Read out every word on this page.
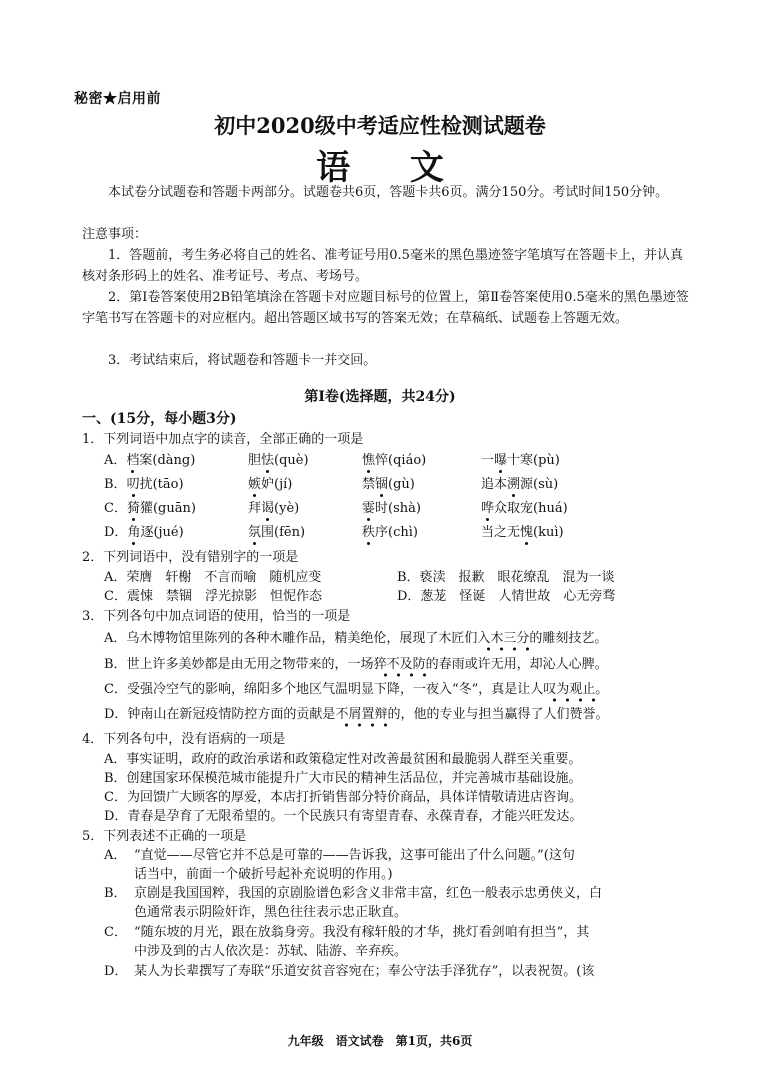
秘密★启用前
初中2020级中考适应性检测试题卷
语 文
本试卷分试题卷和答题卡两部分。试题卷共6页，答题卡共6页。满分150分。考试时间150分钟。
注意事项：
1．答题前，考生务必将自己的姓名、准考证号用0.5毫米的黑色墨迹签字笔填写在答题卡上，并认真核对条形码上的姓名、准考证号、考点、考场号。
2．第Ⅰ卷答案使用2B铅笔填涂在答题卡对应题目标号的位置上，第Ⅱ卷答案使用0.5毫米的黑色墨迹签字笔书写在答题卡的对应框内。超出答题区域书写的答案无效；在草稿纸、试题卷上答题无效。
3．考试结束后，将试题卷和答题卡一并交回。
第Ⅰ卷(选择题，共24分)
一、(15分，每小题3分)
1．下列词语中加点字的读音，全部正确的一项是
A．档案(dàng)	胆怯(què)	憔悴(qiáo)	一曝十寒(pù)
B．叨扰(tāo)	嫉妒(jí)	禁锢(gù)	追本溯源(sù)
C．猗獾(guān)	拜谒(yè)	霎时(shà)	哗众取宠(huá)
D．角逐(jué)	氛围(fēn)	秩序(chì)	当之无愧(kuì)
2．下列词语中，没有错别字的一项是
A．荣膺　轩榭　不言而喻　随机应变	B．亵渎　报歉　眼花缭乱　混为一谈
C．震悚　禁锢　浮光掠影　怛怩作态	D．葱茏　怪诞　人情世故　心无旁骛
3．下列各句中加点词语的使用，恰当的一项是
A．乌木博物馆里陈列的各种木雕作品，精美绝伦，展现了木匠们入木三分的雕刻技艺。
B．世上许多美妙都是由无用之物带来的，一场猝不及防的春雨或许无用，却沁人心脾。
C．受强冷空气的影响，绵阳多个地区气温明显下降，一夜入“冬”，真是让人叹为观止。
D．钟南山在新冠疫情防控方面的贡献是不屑置辩的，他的专业与担当赢得了人们赞誉。
4．下列各句中，没有语病的一项是
A．事实证明，政府的政治承诺和政策稳定性对改善最贫困和最脆弱人群至关重要。
B．创建国家环保模范城市能提升广大市民的精神生活品位，并完善城市基础设施。
C．为回馈广大顾客的厚爱，本店打折销售部分特价商品，具体详情敬请进店咨询。
D．青春是孕育了无限希望的。一个民族只有寄望青春、永葆青春，才能兴旺发达。
5．下列表述不正确的一项是
A． “直觉——尽管它并不总是可靠的——告诉我，这事可能出了什么问题。”(这句
话当中，前面一个破折号起补充说明的作用。)
B． 京剧是我国国粹，我国的京剧脸谱色彩含义非常丰富，红色一般表示忠勇侠义，白
色通常表示阴险奸诈，黑色往往表示忠正耿直。
C． “随东坡的月光，跟在放翁身旁。我没有稼轩般的才华，挑灯看剑咱有担当”，其
中涉及到的古人依次是：苏轼、陆游、辛弃疾。
D． 某人为长辈撰写了寿联“乐道安贫音容宛在；奉公守法手泽犹存”，以表祝贺。(该
九年级　语文试卷　第1页，共6页
